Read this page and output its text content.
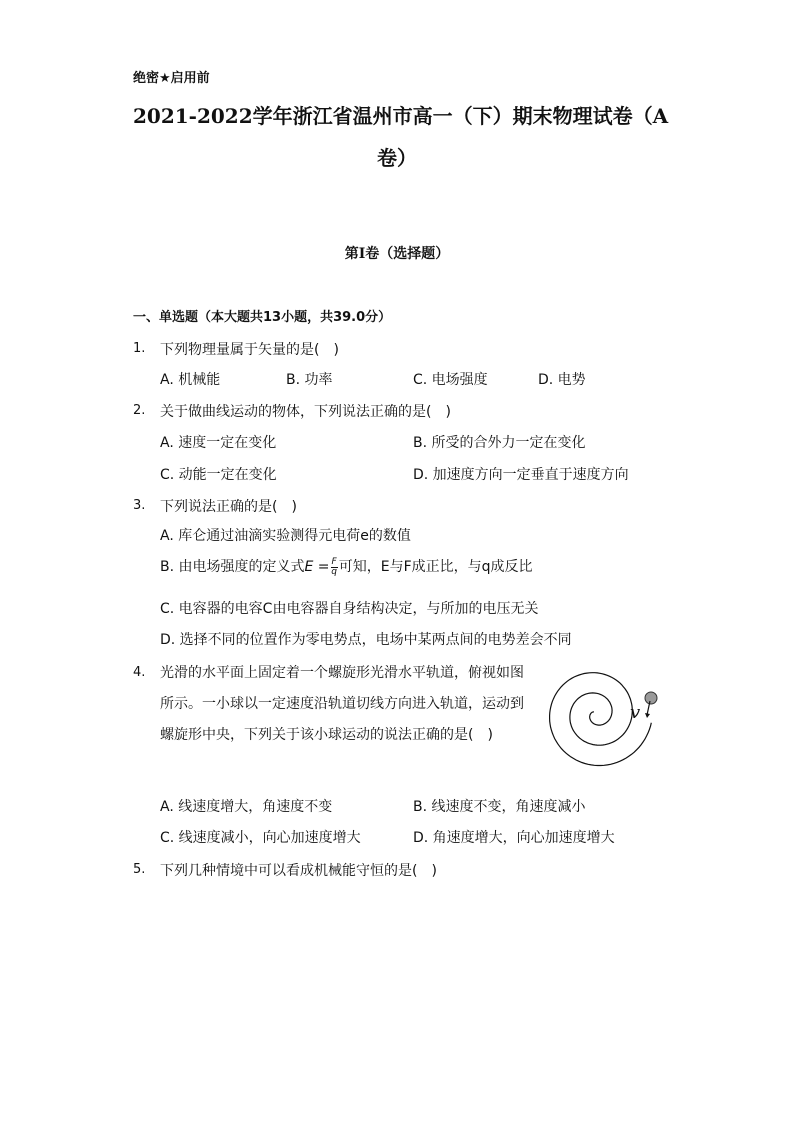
绝密★启用前
2021-2022学年浙江省温州市高一（下）期末物理试卷（A
卷）
第I卷（选择题）
一、单选题（本大题共13小题，共39.0分）
1. 下列物理量属于矢量的是(　)
A. 机械能	B. 功率	C. 电场强度	D. 电势
2. 关于做曲线运动的物体，下列说法正确的是(　)
A. 速度一定在变化	B. 所受的合外力一定在变化
C. 动能一定在变化	D. 加速度方向一定垂直于速度方向
3. 下列说法正确的是(　)
A. 库仑通过油滴实验测得元电荷e的数值
B. 由电场强度的定义式$E = \frac{F}{q}$ 可知，E与F成正比，与q成反比
C. 电容器的电容C由电容器自身结构决定，与所加的电压无关
D. 选择不同的位置作为零电势点，电场中某两点间的电势差会不同
4. 光滑的水平面上固定着一个螺旋形光滑水平轨道，俯视如图
所示。一小球以一定速度沿轨道切线方向进入轨道，运动到
螺旋形中央，下列关于该小球运动的说法正确的是(　)
v
A. 线速度增大，角速度不变	B. 线速度不变，角速度减小
C. 线速度减小，向心加速度增大	D. 角速度增大，向心加速度增大
5. 下列几种情境中可以看成机械能守恒的是(　)
